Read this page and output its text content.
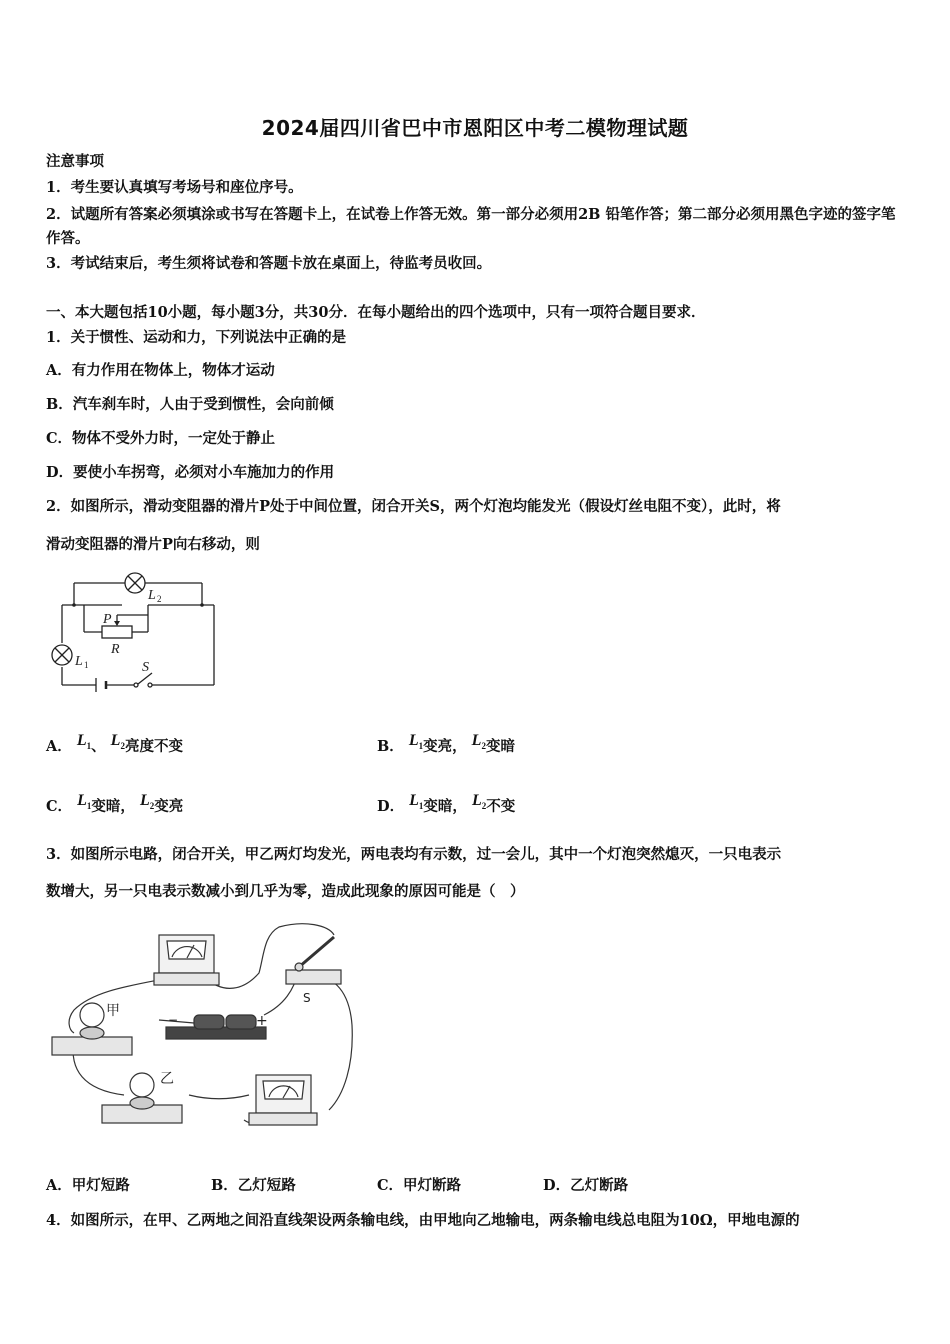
2024届四川省巴中市恩阳区中考二模物理试题
注意事项
1．考生要认真填写考场号和座位序号。
2．试题所有答案必须填涂或书写在答题卡上，在试卷上作答无效。第一部分必须用2B 铅笔作答；第二部分必须用黑色字迹的签字笔作答。
3．考试结束后，考生须将试卷和答题卡放在桌面上，待监考员收回。
一、本大题包括10小题，每小题3分，共30分．在每小题给出的四个选项中，只有一项符合题目要求．
1．关于惯性、运动和力，下列说法中正确的是
A．有力作用在物体上，物体才运动
B．汽车刹车时，人由于受到惯性，会向前倾
C．物体不受外力时，一定处于静止
D．要使小车拐弯，必须对小车施加力的作用
2．如图所示，滑动变阻器的滑片P处于中间位置，闭合开关S，两个灯泡均能发光（假设灯丝电阻不变），此时，将
滑动变阻器的滑片P向右移动，则
L 2
L 1
P
R
S
A． $L_1$、 $L_2$亮度不变	B． $L_1$变亮， $L_2$变暗
C． $L_1$变暗， $L_2$变亮	D． $L_1$变暗， $L_2$不变
3．如图所示电路，闭合开关，甲乙两灯均发光，两电表均有示数，过一会儿，其中一个灯泡突然熄灭，一只电表示
数增大，另一只电表示数减小到几乎为零，造成此现象的原因可能是（　）
甲
乙
S
−	+
A．甲灯短路	B．乙灯短路	C．甲灯断路	D．乙灯断路
4．如图所示，在甲、乙两地之间沿直线架设两条输电线，由甲地向乙地输电，两条输电线总电阻为10Ω，甲地电源的
